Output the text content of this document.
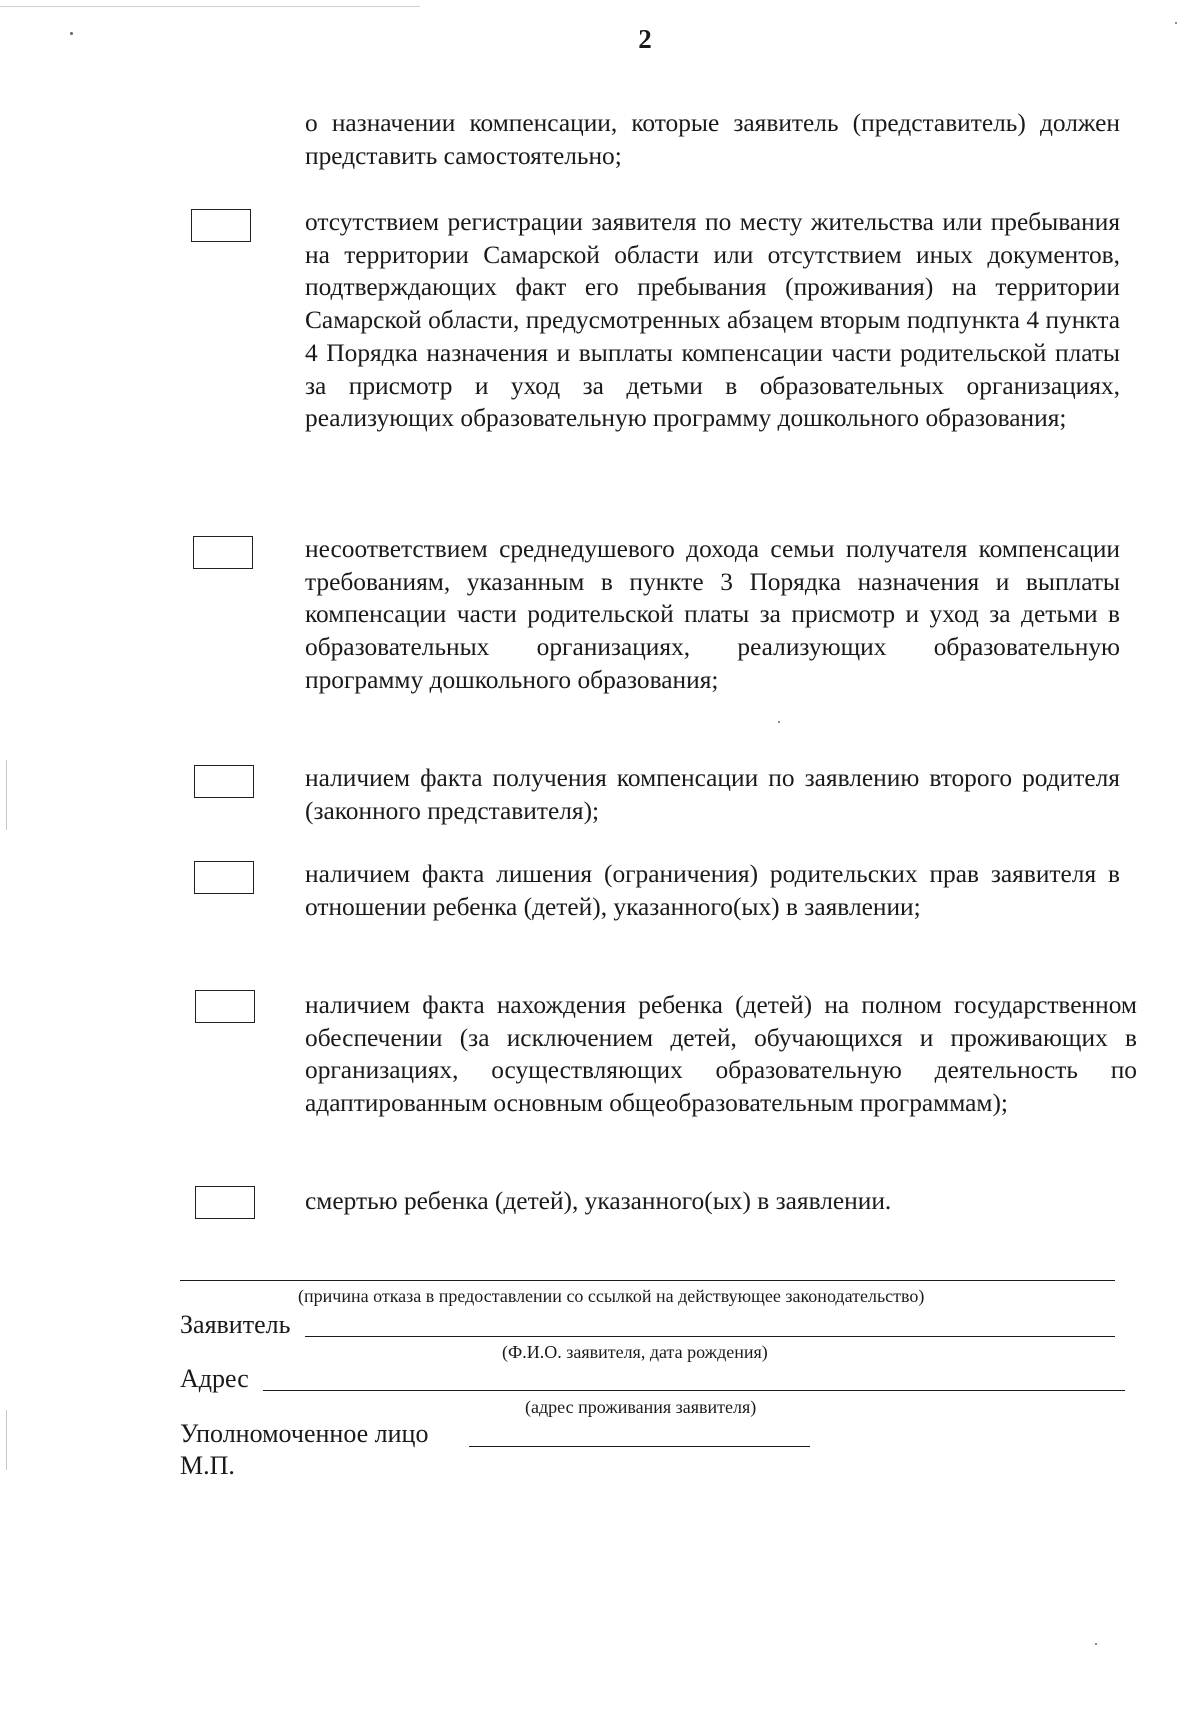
2

о назначении компенсации, которые заявитель (представитель) должен представить самостоятельно;

отсутствием регистрации заявителя по месту жительства или пребывания на территории Самарской области или отсутствием иных документов, подтверждающих факт его пребывания (проживания) на территории Самарской области, предусмотренных абзацем вторым подпункта 4 пункта 4 Порядка назначения и выплаты компенсации части родительской платы за присмотр и уход за детьми в образовательных организациях, реализующих образовательную программу дошкольного образования;

несоответствием среднедушевого дохода семьи получателя компенсации требованиям, указанным в пункте 3 Порядка назначения и выплаты компенсации части родительской платы за присмотр и уход за детьми в образовательных организациях, реализующих образовательную программу дошкольного образования;

наличием факта получения компенсации по заявлению второго родителя (законного представителя);

наличием факта лишения (ограничения) родительских прав заявителя в отношении ребенка (детей), указанного(ых) в заявлении;

наличием факта нахождения ребенка (детей) на полном государственном обеспечении (за исключением детей, обучающихся и проживающих в организациях, осуществляющих образовательную деятельность по адаптированным основным общеобразовательным программам);

смертью ребенка (детей), указанного(ых) в заявлении.

(причина отказа в предоставлении со ссылкой на действующее законодательство)
Заявитель
(Ф.И.О. заявителя, дата рождения)
Адрес
(адрес проживания заявителя)
Уполномоченное лицо
М.П.
